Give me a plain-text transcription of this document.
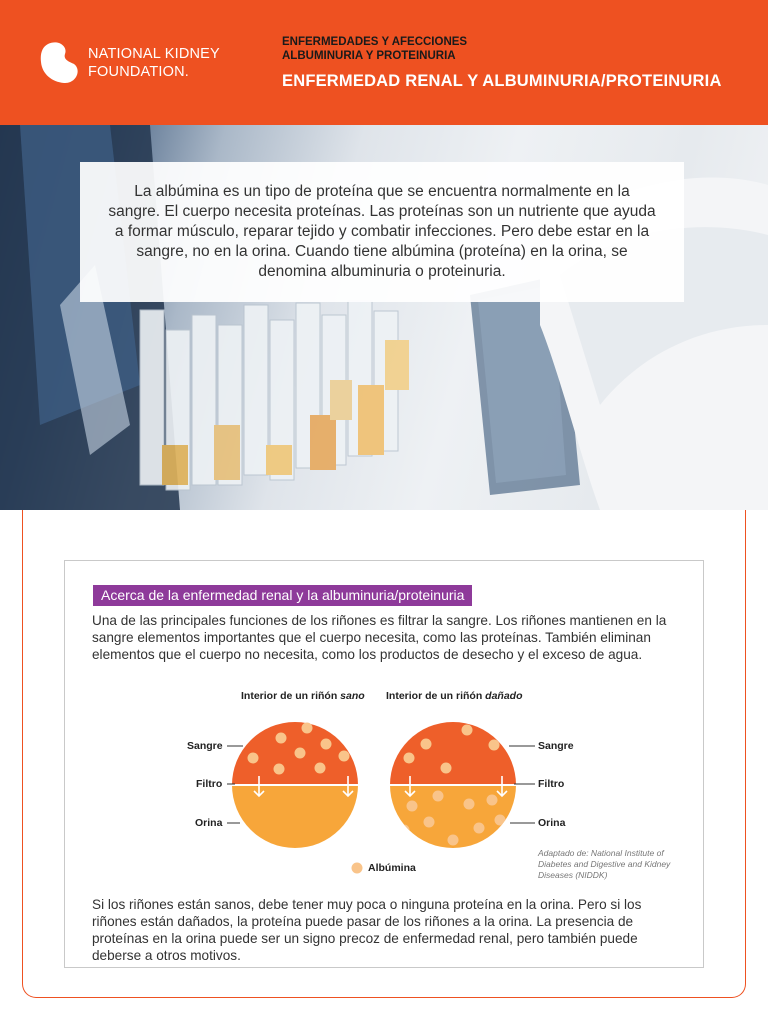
NATIONAL KIDNEY
FOUNDATION.
ENFERMEDADES Y AFECCIONES
ALBUMINURIA Y PROTEINURIA
ENFERMEDAD RENAL Y ALBUMINURIA/PROTEINURIA
La albúmina es un tipo de proteína que se encuentra normalmente en la sangre. El cuerpo necesita proteínas. Las proteínas son un nutriente que ayuda a formar músculo, reparar tejido y combatir infecciones. Pero debe estar en la sangre, no en la orina. Cuando tiene albúmina (proteína) en la orina, se denomina albuminuria o proteinuria.
Acerca de la enfermedad renal y la albuminuria/proteinuria
Una de las principales funciones de los riñones es filtrar la sangre. Los riñones mantienen en la sangre elementos importantes que el cuerpo necesita, como las proteínas. También eliminan elementos que el cuerpo no necesita, como los productos de desecho y el exceso de agua.
Interior de un riñón sano Interior de un riñón dañado
Sangre
Filtro
Orina
Sangre
Filtro
Orina
Albúmina
Adaptado de: National Institute of Diabetes and Digestive and Kidney Diseases (NIDDK)
Si los riñones están sanos, debe tener muy poca o ninguna proteína en la orina. Pero si los riñones están dañados, la proteína puede pasar de los riñones a la orina. La presencia de proteínas en la orina puede ser un signo precoz de enfermedad renal, pero también puede deberse a otros motivos.
